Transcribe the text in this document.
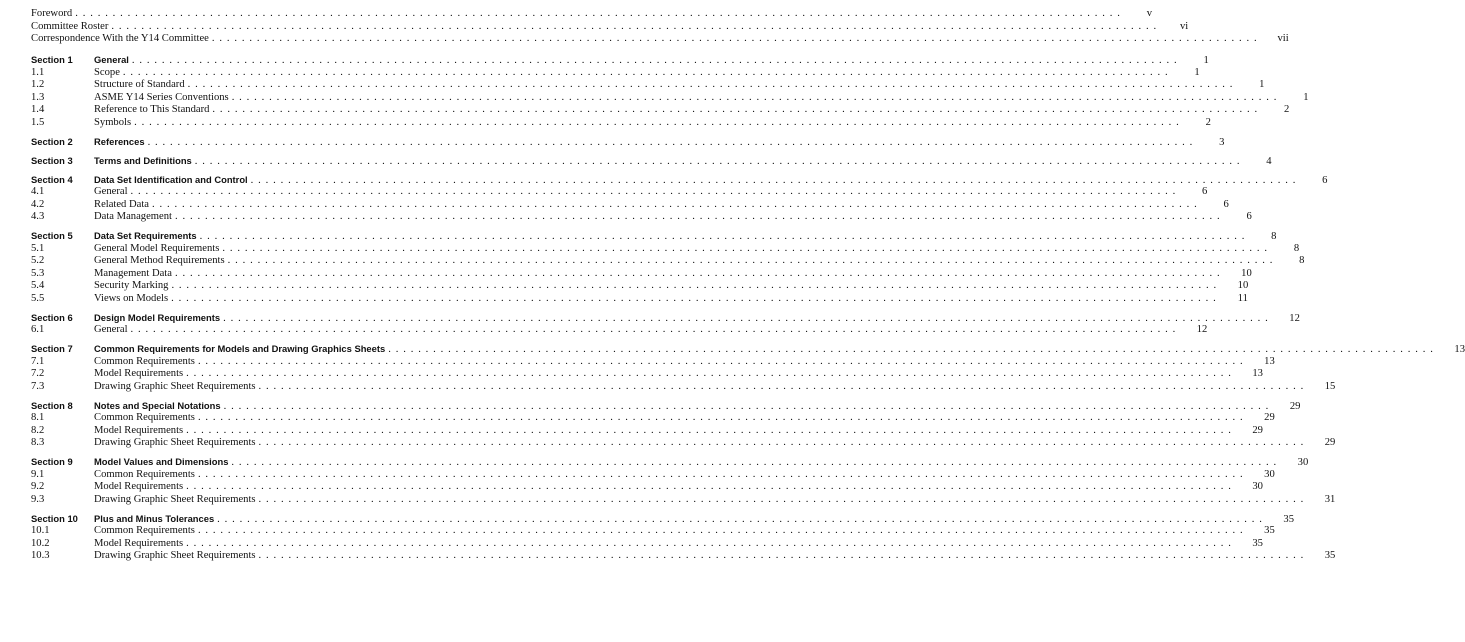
Foreword . . . . . . . . . . . . . . . . . . . . . . . . . . . . . . . . . . . . . . . . . . . . . . . . . . . . . . . . . . . . . . . . . . . . . . . . . . . . . . . . . . . . . . . . . . . . . . . . . . . . . . . . . . . . . . . . . . . . . . . . . . . . . . . . . . . . . . . . . . . .	v
Committee Roster . . . . . . . . . . . . . . . . . . . . . . . . . . . . . . . . . . . . . . . . . . . . . . . . . . . . . . . . . . . . . . . . . . . . . . . . . . . . . . . . . . . . . . . . . . . . . . . . . . . . . . . . . . . . . . . . . . . . . . . . . . . . . . . . . . . . . . . . . . . .	vi
Correspondence With the Y14 Committee . . . . . . . . . . . . . . . . . . . . . . . . . . . . . . . . . . . . . . . . . . . . . . . . . . . . . . . . . . . . . . . . . . . . . . . . . . . . . . . . . . . . . . . . . . . . . . . . . . . . . . . . . . . . . . . . . . . . . . . . . . . . . . . . . . . . . . . . . . . .	vii
Section 1	General . . . . . . . . . . . . . . . . . . . . . . . . . . . . . . . . . . . . . . . . . . . . . . . . . . . . . . . . . . . . . . . . . . . . . . . . . . . . . . . . . . . . . . . . . . . . . . . . . . . . . . . . . . . . . . . . . . . . . . . . . . . . . . . . . . . . . . . . . . . .	1
1.1	Scope . . . . . . . . . . . . . . . . . . . . . . . . . . . . . . . . . . . . . . . . . . . . . . . . . . . . . . . . . . . . . . . . . . . . . . . . . . . . . . . . . . . . . . . . . . . . . . . . . . . . . . . . . . . . . . . . . . . . . . . . . . . . . . . . . . . . . . . . . . . .	1
1.2	Structure of Standard . . . . . . . . . . . . . . . . . . . . . . . . . . . . . . . . . . . . . . . . . . . . . . . . . . . . . . . . . . . . . . . . . . . . . . . . . . . . . . . . . . . . . . . . . . . . . . . . . . . . . . . . . . . . . . . . . . . . . . . . . . . . . . . . . . . . . . . . . . . .	1
1.3	ASME Y14 Series Conventions . . . . . . . . . . . . . . . . . . . . . . . . . . . . . . . . . . . . . . . . . . . . . . . . . . . . . . . . . . . . . . . . . . . . . . . . . . . . . . . . . . . . . . . . . . . . . . . . . . . . . . . . . . . . . . . . . . . . . . . . . . . . . . . . . . . . . . . . . . . .	1
1.4	Reference to This Standard . . . . . . . . . . . . . . . . . . . . . . . . . . . . . . . . . . . . . . . . . . . . . . . . . . . . . . . . . . . . . . . . . . . . . . . . . . . . . . . . . . . . . . . . . . . . . . . . . . . . . . . . . . . . . . . . . . . . . . . . . . . . . . . . . . . . . . . . . . . .	2
1.5	Symbols . . . . . . . . . . . . . . . . . . . . . . . . . . . . . . . . . . . . . . . . . . . . . . . . . . . . . . . . . . . . . . . . . . . . . . . . . . . . . . . . . . . . . . . . . . . . . . . . . . . . . . . . . . . . . . . . . . . . . . . . . . . . . . . . . . . . . . . . . . . .	2
Section 2	References . . . . . . . . . . . . . . . . . . . . . . . . . . . . . . . . . . . . . . . . . . . . . . . . . . . . . . . . . . . . . . . . . . . . . . . . . . . . . . . . . . . . . . . . . . . . . . . . . . . . . . . . . . . . . . . . . . . . . . . . . . . . . . . . . . . . . . . . . . . .	3
Section 3	Terms and Definitions . . . . . . . . . . . . . . . . . . . . . . . . . . . . . . . . . . . . . . . . . . . . . . . . . . . . . . . . . . . . . . . . . . . . . . . . . . . . . . . . . . . . . . . . . . . . . . . . . . . . . . . . . . . . . . . . . . . . . . . . . . . . . . . . . . . . . . . . . . . .	4
Section 4	Data Set Identification and Control . . . . . . . . . . . . . . . . . . . . . . . . . . . . . . . . . . . . . . . . . . . . . . . . . . . . . . . . . . . . . . . . . . . . . . . . . . . . . . . . . . . . . . . . . . . . . . . . . . . . . . . . . . . . . . . . . . . . . . . . . . . . . . . . . . . . . . . . . . . .	6
4.1	General . . . . . . . . . . . . . . . . . . . . . . . . . . . . . . . . . . . . . . . . . . . . . . . . . . . . . . . . . . . . . . . . . . . . . . . . . . . . . . . . . . . . . . . . . . . . . . . . . . . . . . . . . . . . . . . . . . . . . . . . . . . . . . . . . . . . . . . . . . . .	6
4.2	Related Data . . . . . . . . . . . . . . . . . . . . . . . . . . . . . . . . . . . . . . . . . . . . . . . . . . . . . . . . . . . . . . . . . . . . . . . . . . . . . . . . . . . . . . . . . . . . . . . . . . . . . . . . . . . . . . . . . . . . . . . . . . . . . . . . . . . . . . . . . . . .	6
4.3	Data Management . . . . . . . . . . . . . . . . . . . . . . . . . . . . . . . . . . . . . . . . . . . . . . . . . . . . . . . . . . . . . . . . . . . . . . . . . . . . . . . . . . . . . . . . . . . . . . . . . . . . . . . . . . . . . . . . . . . . . . . . . . . . . . . . . . . . . . . . . . . .	6
Section 5	Data Set Requirements . . . . . . . . . . . . . . . . . . . . . . . . . . . . . . . . . . . . . . . . . . . . . . . . . . . . . . . . . . . . . . . . . . . . . . . . . . . . . . . . . . . . . . . . . . . . . . . . . . . . . . . . . . . . . . . . . . . . . . . . . . . . . . . . . . . . . . . . . . . .	8
5.1	General Model Requirements . . . . . . . . . . . . . . . . . . . . . . . . . . . . . . . . . . . . . . . . . . . . . . . . . . . . . . . . . . . . . . . . . . . . . . . . . . . . . . . . . . . . . . . . . . . . . . . . . . . . . . . . . . . . . . . . . . . . . . . . . . . . . . . . . . . . . . . . . . . .	8
5.2	General Method Requirements . . . . . . . . . . . . . . . . . . . . . . . . . . . . . . . . . . . . . . . . . . . . . . . . . . . . . . . . . . . . . . . . . . . . . . . . . . . . . . . . . . . . . . . . . . . . . . . . . . . . . . . . . . . . . . . . . . . . . . . . . . . . . . . . . . . . . . . . . . . .	8
5.3	Management Data . . . . . . . . . . . . . . . . . . . . . . . . . . . . . . . . . . . . . . . . . . . . . . . . . . . . . . . . . . . . . . . . . . . . . . . . . . . . . . . . . . . . . . . . . . . . . . . . . . . . . . . . . . . . . . . . . . . . . . . . . . . . . . . . . . . . . . . . . . . .	10
5.4	Security Marking . . . . . . . . . . . . . . . . . . . . . . . . . . . . . . . . . . . . . . . . . . . . . . . . . . . . . . . . . . . . . . . . . . . . . . . . . . . . . . . . . . . . . . . . . . . . . . . . . . . . . . . . . . . . . . . . . . . . . . . . . . . . . . . . . . . . . . . . . . . .	10
5.5	Views on Models . . . . . . . . . . . . . . . . . . . . . . . . . . . . . . . . . . . . . . . . . . . . . . . . . . . . . . . . . . . . . . . . . . . . . . . . . . . . . . . . . . . . . . . . . . . . . . . . . . . . . . . . . . . . . . . . . . . . . . . . . . . . . . . . . . . . . . . . . . . .	11
Section 6	Design Model Requirements . . . . . . . . . . . . . . . . . . . . . . . . . . . . . . . . . . . . . . . . . . . . . . . . . . . . . . . . . . . . . . . . . . . . . . . . . . . . . . . . . . . . . . . . . . . . . . . . . . . . . . . . . . . . . . . . . . . . . . . . . . . . . . . . . . . . . . . . . . . .	12
6.1	General . . . . . . . . . . . . . . . . . . . . . . . . . . . . . . . . . . . . . . . . . . . . . . . . . . . . . . . . . . . . . . . . . . . . . . . . . . . . . . . . . . . . . . . . . . . . . . . . . . . . . . . . . . . . . . . . . . . . . . . . . . . . . . . . . . . . . . . . . . . .	12
Section 7	Common Requirements for Models and Drawing Graphics Sheets . . . . . . . . . . . . . . . . . . . . . . . . . . . . . . . . . . . . . . . . . . . . . . . . . . . . . . . . . . . . . . . . . . . . . . . . . . . . . . . . . . . . . . . . . . . . . . . . . . . . . . . . . . . . . . . . . . . . . . . . . . . . . . . . . . . . . . . . . . . .	13
7.1	Common Requirements . . . . . . . . . . . . . . . . . . . . . . . . . . . . . . . . . . . . . . . . . . . . . . . . . . . . . . . . . . . . . . . . . . . . . . . . . . . . . . . . . . . . . . . . . . . . . . . . . . . . . . . . . . . . . . . . . . . . . . . . . . . . . . . . . . . . . . . . . . . .	13
7.2	Model Requirements . . . . . . . . . . . . . . . . . . . . . . . . . . . . . . . . . . . . . . . . . . . . . . . . . . . . . . . . . . . . . . . . . . . . . . . . . . . . . . . . . . . . . . . . . . . . . . . . . . . . . . . . . . . . . . . . . . . . . . . . . . . . . . . . . . . . . . . . . . . .	13
7.3	Drawing Graphic Sheet Requirements . . . . . . . . . . . . . . . . . . . . . . . . . . . . . . . . . . . . . . . . . . . . . . . . . . . . . . . . . . . . . . . . . . . . . . . . . . . . . . . . . . . . . . . . . . . . . . . . . . . . . . . . . . . . . . . . . . . . . . . . . . . . . . . . . . . . . . . . . . . .	15
Section 8	Notes and Special Notations . . . . . . . . . . . . . . . . . . . . . . . . . . . . . . . . . . . . . . . . . . . . . . . . . . . . . . . . . . . . . . . . . . . . . . . . . . . . . . . . . . . . . . . . . . . . . . . . . . . . . . . . . . . . . . . . . . . . . . . . . . . . . . . . . . . . . . . . . . . .	29
8.1	Common Requirements . . . . . . . . . . . . . . . . . . . . . . . . . . . . . . . . . . . . . . . . . . . . . . . . . . . . . . . . . . . . . . . . . . . . . . . . . . . . . . . . . . . . . . . . . . . . . . . . . . . . . . . . . . . . . . . . . . . . . . . . . . . . . . . . . . . . . . . . . . . .	29
8.2	Model Requirements . . . . . . . . . . . . . . . . . . . . . . . . . . . . . . . . . . . . . . . . . . . . . . . . . . . . . . . . . . . . . . . . . . . . . . . . . . . . . . . . . . . . . . . . . . . . . . . . . . . . . . . . . . . . . . . . . . . . . . . . . . . . . . . . . . . . . . . . . . . .	29
8.3	Drawing Graphic Sheet Requirements . . . . . . . . . . . . . . . . . . . . . . . . . . . . . . . . . . . . . . . . . . . . . . . . . . . . . . . . . . . . . . . . . . . . . . . . . . . . . . . . . . . . . . . . . . . . . . . . . . . . . . . . . . . . . . . . . . . . . . . . . . . . . . . . . . . . . . . . . . . .	29
Section 9	Model Values and Dimensions . . . . . . . . . . . . . . . . . . . . . . . . . . . . . . . . . . . . . . . . . . . . . . . . . . . . . . . . . . . . . . . . . . . . . . . . . . . . . . . . . . . . . . . . . . . . . . . . . . . . . . . . . . . . . . . . . . . . . . . . . . . . . . . . . . . . . . . . . . . .	30
9.1	Common Requirements . . . . . . . . . . . . . . . . . . . . . . . . . . . . . . . . . . . . . . . . . . . . . . . . . . . . . . . . . . . . . . . . . . . . . . . . . . . . . . . . . . . . . . . . . . . . . . . . . . . . . . . . . . . . . . . . . . . . . . . . . . . . . . . . . . . . . . . . . . . .	30
9.2	Model Requirements . . . . . . . . . . . . . . . . . . . . . . . . . . . . . . . . . . . . . . . . . . . . . . . . . . . . . . . . . . . . . . . . . . . . . . . . . . . . . . . . . . . . . . . . . . . . . . . . . . . . . . . . . . . . . . . . . . . . . . . . . . . . . . . . . . . . . . . . . . . .	30
9.3	Drawing Graphic Sheet Requirements . . . . . . . . . . . . . . . . . . . . . . . . . . . . . . . . . . . . . . . . . . . . . . . . . . . . . . . . . . . . . . . . . . . . . . . . . . . . . . . . . . . . . . . . . . . . . . . . . . . . . . . . . . . . . . . . . . . . . . . . . . . . . . . . . . . . . . . . . . . .	31
Section 10	Plus and Minus Tolerances . . . . . . . . . . . . . . . . . . . . . . . . . . . . . . . . . . . . . . . . . . . . . . . . . . . . . . . . . . . . . . . . . . . . . . . . . . . . . . . . . . . . . . . . . . . . . . . . . . . . . . . . . . . . . . . . . . . . . . . . . . . . . . . . . . . . . . . . . . . .	35
10.1	Common Requirements . . . . . . . . . . . . . . . . . . . . . . . . . . . . . . . . . . . . . . . . . . . . . . . . . . . . . . . . . . . . . . . . . . . . . . . . . . . . . . . . . . . . . . . . . . . . . . . . . . . . . . . . . . . . . . . . . . . . . . . . . . . . . . . . . . . . . . . . . . . .	35
10.2	Model Requirements . . . . . . . . . . . . . . . . . . . . . . . . . . . . . . . . . . . . . . . . . . . . . . . . . . . . . . . . . . . . . . . . . . . . . . . . . . . . . . . . . . . . . . . . . . . . . . . . . . . . . . . . . . . . . . . . . . . . . . . . . . . . . . . . . . . . . . . . . . . .	35
10.3	Drawing Graphic Sheet Requirements . . . . . . . . . . . . . . . . . . . . . . . . . . . . . . . . . . . . . . . . . . . . . . . . . . . . . . . . . . . . . . . . . . . . . . . . . . . . . . . . . . . . . . . . . . . . . . . . . . . . . . . . . . . . . . . . . . . . . . . . . . . . . . . . . . . . . . . . . . . .	35
